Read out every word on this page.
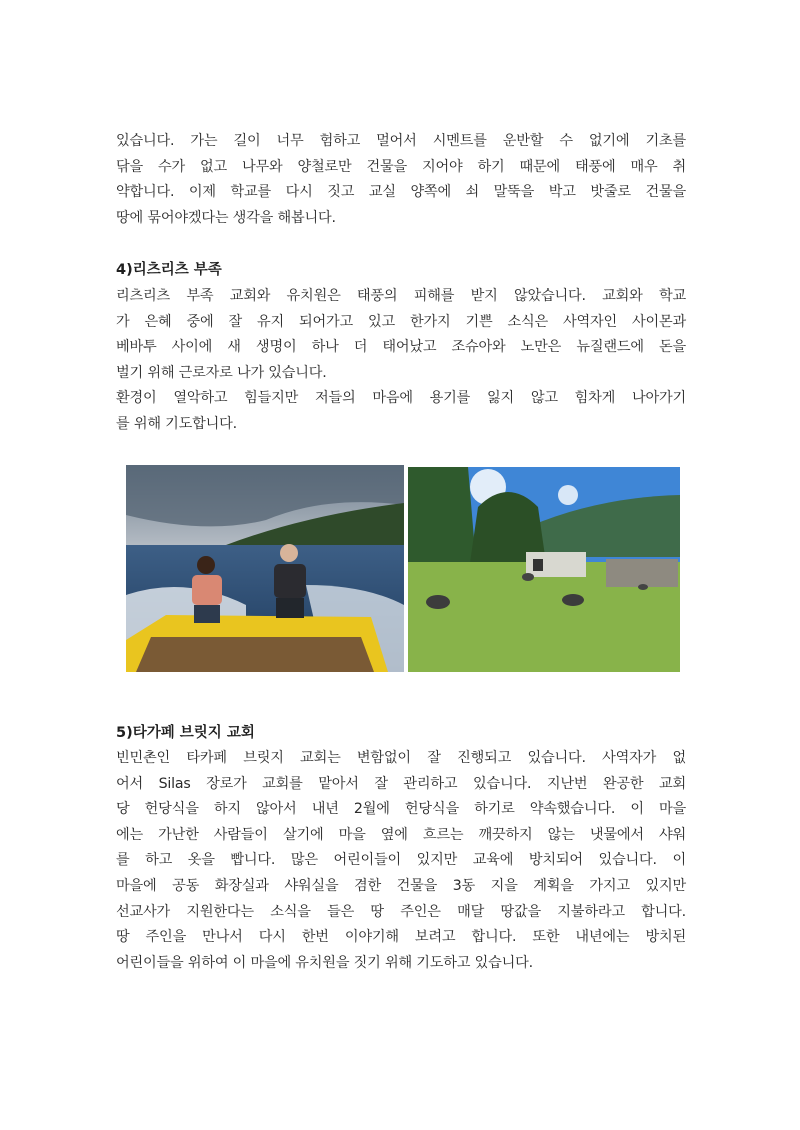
있습니다. 가는 길이 너무 험하고 멀어서 시멘트를 운반할 수 없기에 기초를
닦을 수가 없고 나무와 양철로만 건물을 지어야 하기 때문에 태풍에 매우 취
약합니다. 이제 학교를 다시 짓고 교실 양쪽에 쇠 말뚝을 박고 밧줄로 건물을
땅에 묶어야겠다는 생각을 해봅니다.
4)리츠리츠 부족
리츠리츠 부족 교회와 유치원은 태풍의 피해를 받지 않았습니다. 교회와 학교
가 은혜 중에 잘 유지 되어가고 있고 한가지 기쁜 소식은 사역자인 사이몬과
베바투 사이에 새 생명이 하나 더 태어났고 조슈아와 노만은 뉴질랜드에 돈을
벌기 위해 근로자로 나가 있습니다.
환경이 열악하고 힘들지만 저들의 마음에 용기를 잃지 않고 힘차게 나아가기
를 위해 기도합니다.
5)타가페 브릿지 교회
빈민촌인 타카페 브릿지 교회는 변함없이 잘 진행되고 있습니다. 사역자가 없
어서 Silas 장로가 교회를 맡아서 잘 관리하고 있습니다. 지난번 완공한 교회
당 헌당식을 하지 않아서 내년 2월에 헌당식을 하기로 약속했습니다. 이 마을
에는 가난한 사람들이 살기에 마을 옆에 흐르는 깨끗하지 않는 냇물에서 샤워
를 하고 옷을 빱니다. 많은 어린이들이 있지만 교육에 방치되어 있습니다. 이
마을에 공동 화장실과 샤워실을 겸한 건물을 3동 지을 계획을 가지고 있지만
선교사가 지원한다는 소식을 들은 땅 주인은 매달 땅값을 지불하라고 합니다.
땅 주인을 만나서 다시 한번 이야기해 보려고 합니다. 또한 내년에는 방치된
어린이들을 위하여 이 마을에 유치원을 짓기 위해 기도하고 있습니다.
